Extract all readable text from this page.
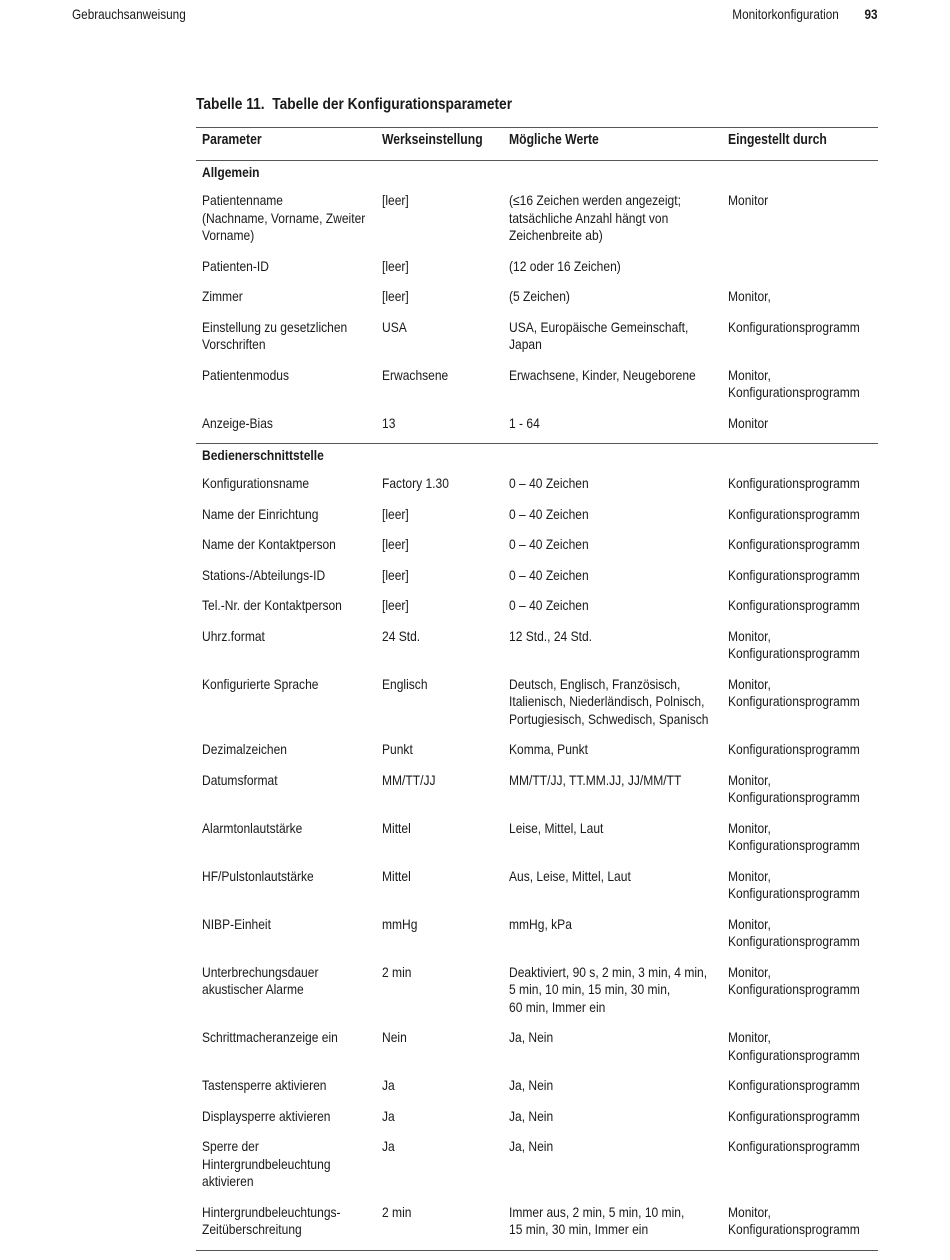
Gebrauchsanweisung	Monitorkonfiguration 93
Tabelle 11.  Tabelle der Konfigurationsparameter
Parameter	Werkseinstellung	Mögliche Werte	Eingestellt durch

Allgemein			

Patientenname
(Nachname, Vorname, Zweiter
Vorname)	[leer]	(≤16 Zeichen werden angezeigt;
tatsächliche Anzahl hängt von
Zeichenbreite ab)	Monitor

Patienten-ID	[leer]	(12 oder 16 Zeichen)	

Zimmer	[leer]	(5 Zeichen)	Monitor,

Einstellung zu gesetzlichen
Vorschriften	USA	USA, Europäische Gemeinschaft,
Japan	Konfigurationsprogramm

Patientenmodus	Erwachsene	Erwachsene, Kinder, Neugeborene	Monitor,
Konfigurationsprogramm

Anzeige-Bias	13	1 - 64	Monitor

Bedienerschnittstelle			

Konfigurationsname	Factory 1.30	0 – 40 Zeichen	Konfigurationsprogramm

Name der Einrichtung	[leer]	0 – 40 Zeichen	Konfigurationsprogramm

Name der Kontaktperson	[leer]	0 – 40 Zeichen	Konfigurationsprogramm

Stations-/Abteilungs-ID	[leer]	0 – 40 Zeichen	Konfigurationsprogramm

Tel.-Nr. der Kontaktperson	[leer]	0 – 40 Zeichen	Konfigurationsprogramm

Uhrz.format	24 Std.	12 Std., 24 Std.	Monitor,
Konfigurationsprogramm

Konfigurierte Sprache	Englisch	Deutsch, Englisch, Französisch,
Italienisch, Niederländisch, Polnisch,
Portugiesisch, Schwedisch, Spanisch	Monitor,
Konfigurationsprogramm

Dezimalzeichen	Punkt	Komma, Punkt	Konfigurationsprogramm

Datumsformat	MM/TT/JJ	MM/TT/JJ, TT.MM.JJ, JJ/MM/TT	Monitor,
Konfigurationsprogramm

Alarmtonlautstärke	Mittel	Leise, Mittel, Laut	Monitor,
Konfigurationsprogramm

HF/Pulstonlautstärke	Mittel	Aus, Leise, Mittel, Laut	Monitor,
Konfigurationsprogramm

NIBP-Einheit	mmHg	mmHg, kPa	Monitor,
Konfigurationsprogramm

Unterbrechungsdauer
akustischer Alarme	2 min	Deaktiviert, 90 s, 2 min, 3 min, 4 min,
5 min, 10 min, 15 min, 30 min,
60 min, Immer ein	Monitor,
Konfigurationsprogramm

Schrittmacheranzeige ein	Nein	Ja, Nein	Monitor,
Konfigurationsprogramm

Tastensperre aktivieren	Ja	Ja, Nein	Konfigurationsprogramm

Displaysperre aktivieren	Ja	Ja, Nein	Konfigurationsprogramm

Sperre der
Hintergrundbeleuchtung
aktivieren	Ja	Ja, Nein	Konfigurationsprogramm

Hintergrundbeleuchtungs-
Zeitüberschreitung	2 min	Immer aus, 2 min, 5 min, 10 min,
15 min, 30 min, Immer ein	Monitor,
Konfigurationsprogramm
